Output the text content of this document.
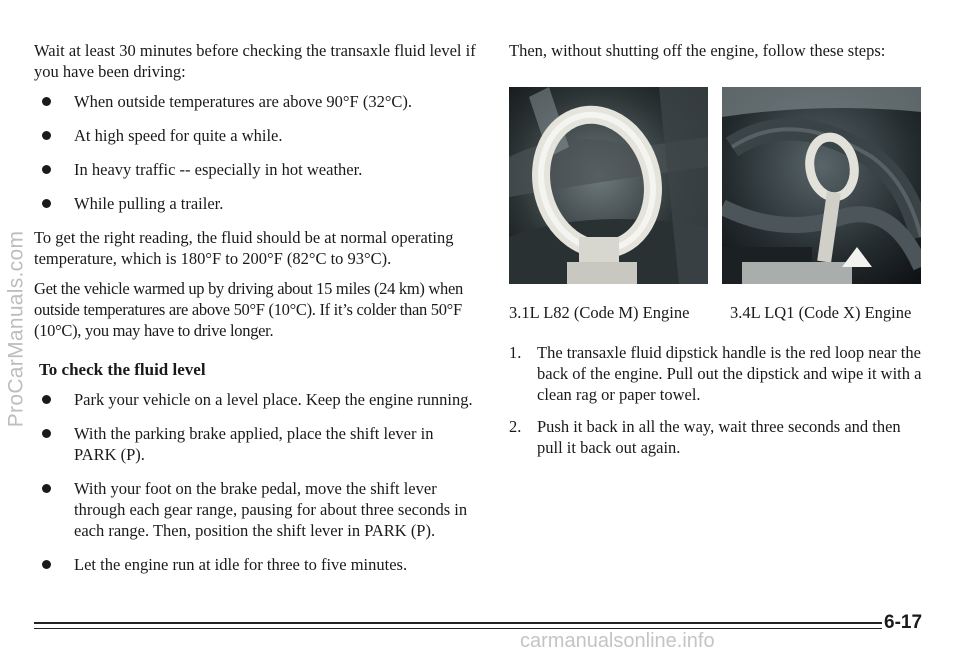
ProCarManuals.com

Wait at least 30 minutes before checking the transaxle fluid level if you have been driving:

When outside temperatures are above 90°F (32°C).
At high speed for quite a while.
In heavy traffic -- especially in hot weather.
While pulling a trailer.

To get the right reading, the fluid should be at normal operating temperature, which is 180°F to 200°F (82°C to 93°C).

Get the vehicle warmed up by driving about 15 miles (24 km) when outside temperatures are above 50°F (10°C). If it’s colder than 50°F (10°C), you may have to drive longer.

To check the fluid level
Park your vehicle on a level place. Keep the engine running.
With the parking brake applied, place the shift lever in PARK (P).
With your foot on the brake pedal, move the shift lever through each gear range, pausing for about three seconds in each range. Then, position the shift lever in PARK (P).
Let the engine run at idle for three to five minutes.

Then, without shutting off the engine, follow these steps:

3.1L L82 (Code M) Engine	3.4L LQ1 (Code X) Engine
1. The transaxle fluid dipstick handle is the red loop near the back of the engine. Pull out the dipstick and wipe it with a clean rag or paper towel.
2. Push it back in all the way, wait three seconds and then pull it back out again.
6-17
carmanualsonline.info
